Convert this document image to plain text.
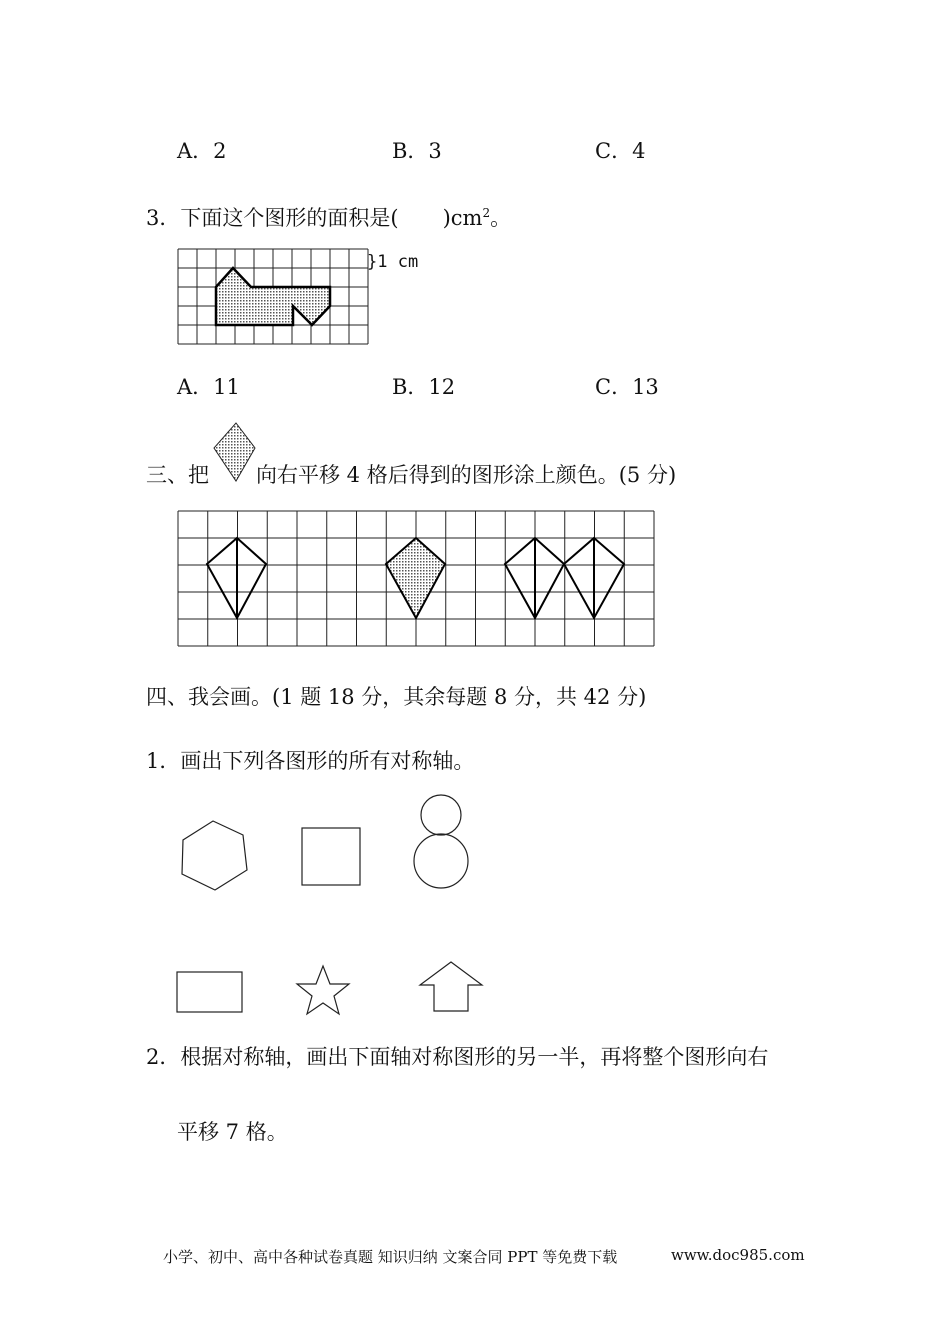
A．2	B．3	C．4
3．下面这个图形的面积是( )$cm^2$。
}1 cm
A．11	B．12	C．13
三、把 向右平移 4 格后得到的图形涂上颜色。(5 分)
四、我会画。(1 题 18 分，其余每题 8 分，共 42 分)
1．画出下列各图形的所有对称轴。
2．根据对称轴，画出下面轴对称图形的另一半，再将整个图形向右
平移 7 格。
小学、初中、高中各种试卷真题 知识归纳 文案合同 PPT 等免费下载	www.doc985.com
